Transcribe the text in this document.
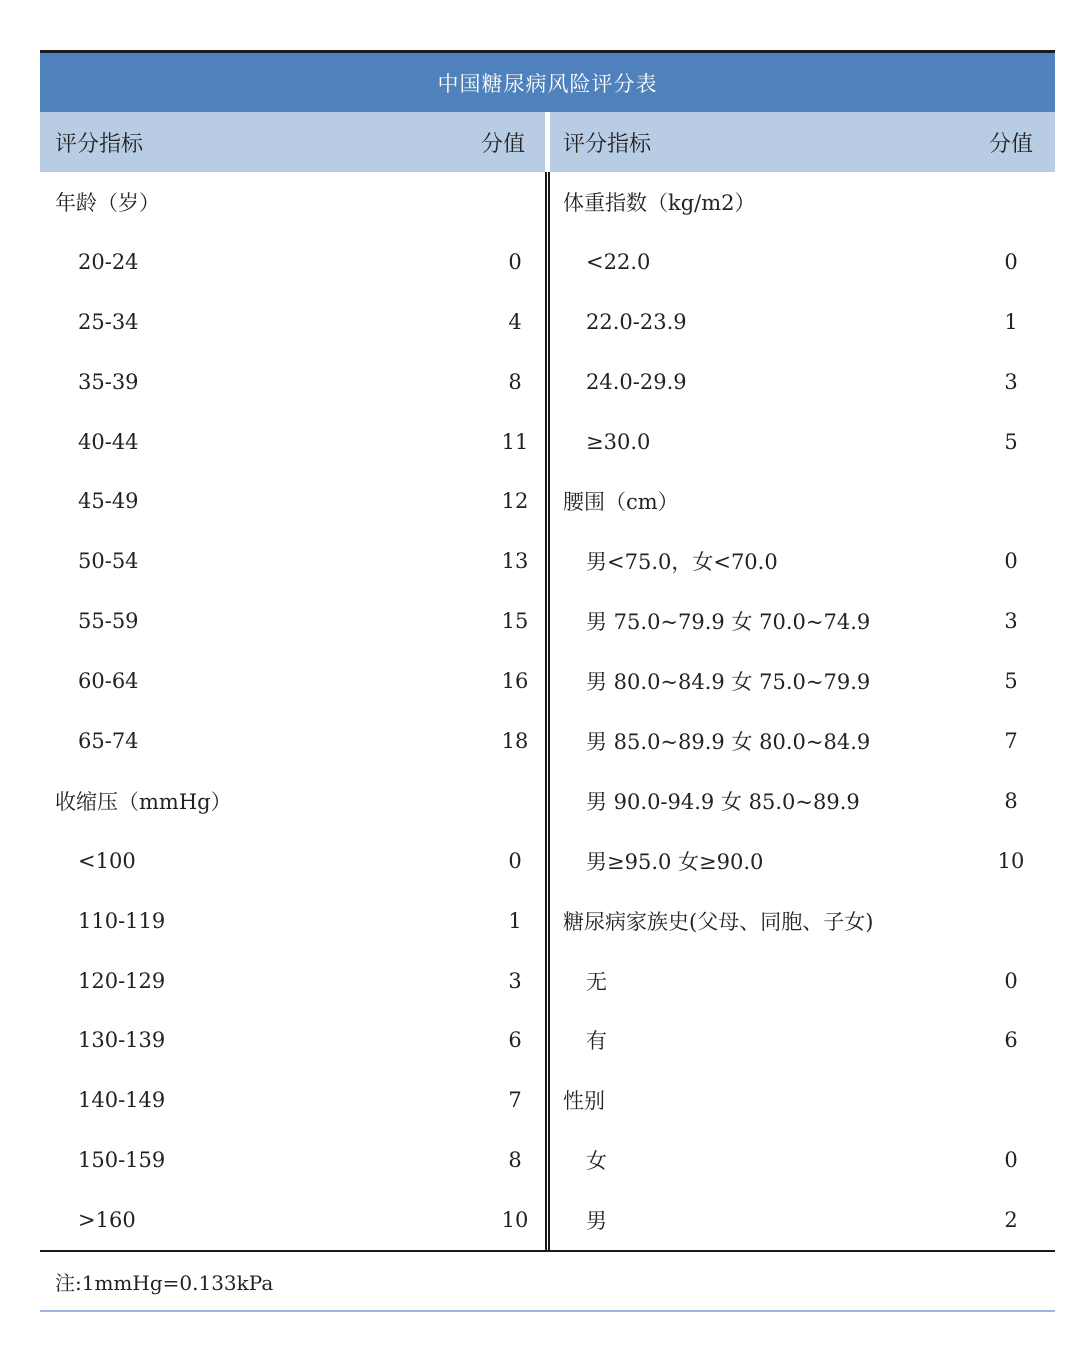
中国糖尿病风险评分表
评分指标	分值
年龄（岁）
20-24	0
25-34	4
35-39	8
40-44	11
45-49	12
50-54	13
55-59	15
60-64	16
65-74	18
收缩压（mmHg）
<100	0
110-119	1
120-129	3
130-139	6
140-149	7
150-159	8
>160	10
评分指标	分值
体重指数（kg/m2）
<22.0	0
22.0-23.9	1
24.0-29.9	3
≥30.0	5
腰围（cm）
男<75.0，女<70.0	0
男 75.0~79.9 女 70.0~74.9	3
男 80.0~84.9 女 75.0~79.9	5
男 85.0~89.9 女 80.0~84.9	7
男 90.0-94.9 女 85.0~89.9	8
男≥95.0 女≥90.0	10
糖尿病家族史(父母、同胞、子女)
无	0
有	6
性别
女	0
男	2
注:1mmHg=0.133kPa
